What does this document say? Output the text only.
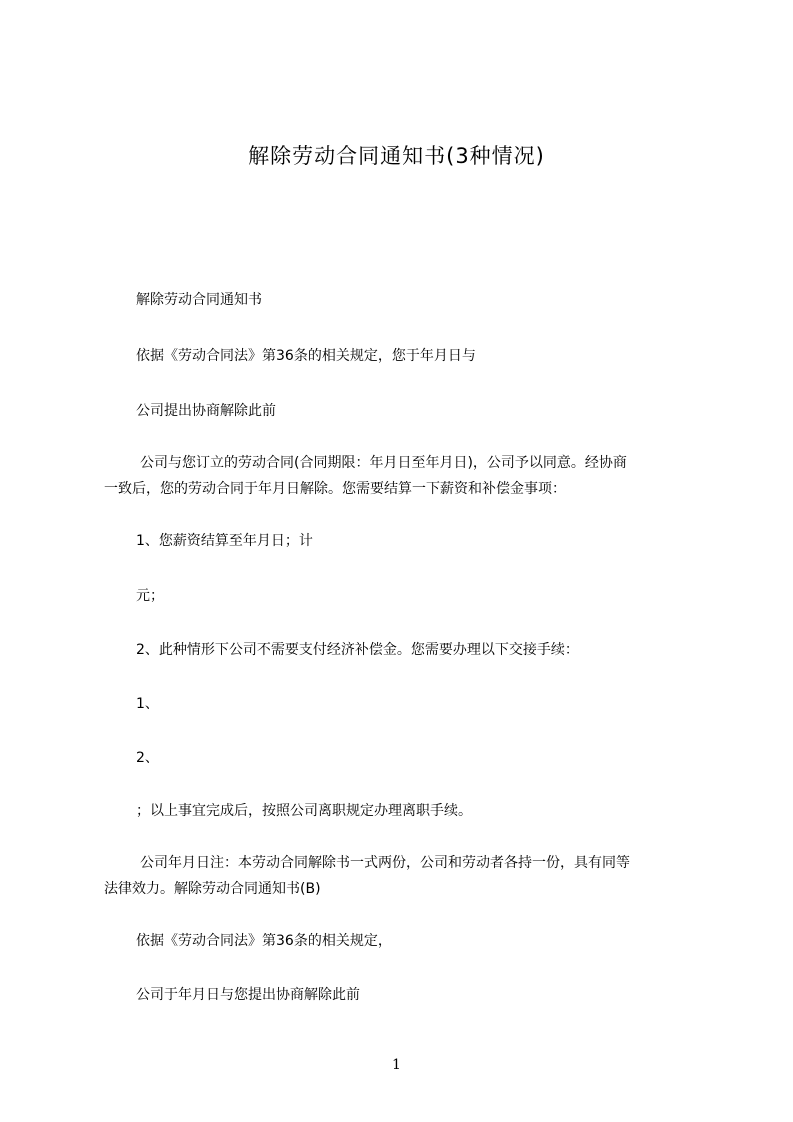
解除劳动合同通知书(3种情况)
解除劳动合同通知书
依据《劳动合同法》第36条的相关规定，您于年月日与
公司提出协商解除此前
公司与您订立的劳动合同(合同期限：年月日至年月日)，公司予以同意。经协商
一致后，您的劳动合同于年月日解除。您需要结算一下薪资和补偿金事项：
1、您薪资结算至年月日；计
元；
2、此种情形下公司不需要支付经济补偿金。您需要办理以下交接手续：
1、
2、
；以上事宜完成后，按照公司离职规定办理离职手续。
公司年月日注：本劳动合同解除书一式两份，公司和劳动者各持一份，具有同等
法律效力。解除劳动合同通知书(B)
依据《劳动合同法》第36条的相关规定，
公司于年月日与您提出协商解除此前
1
